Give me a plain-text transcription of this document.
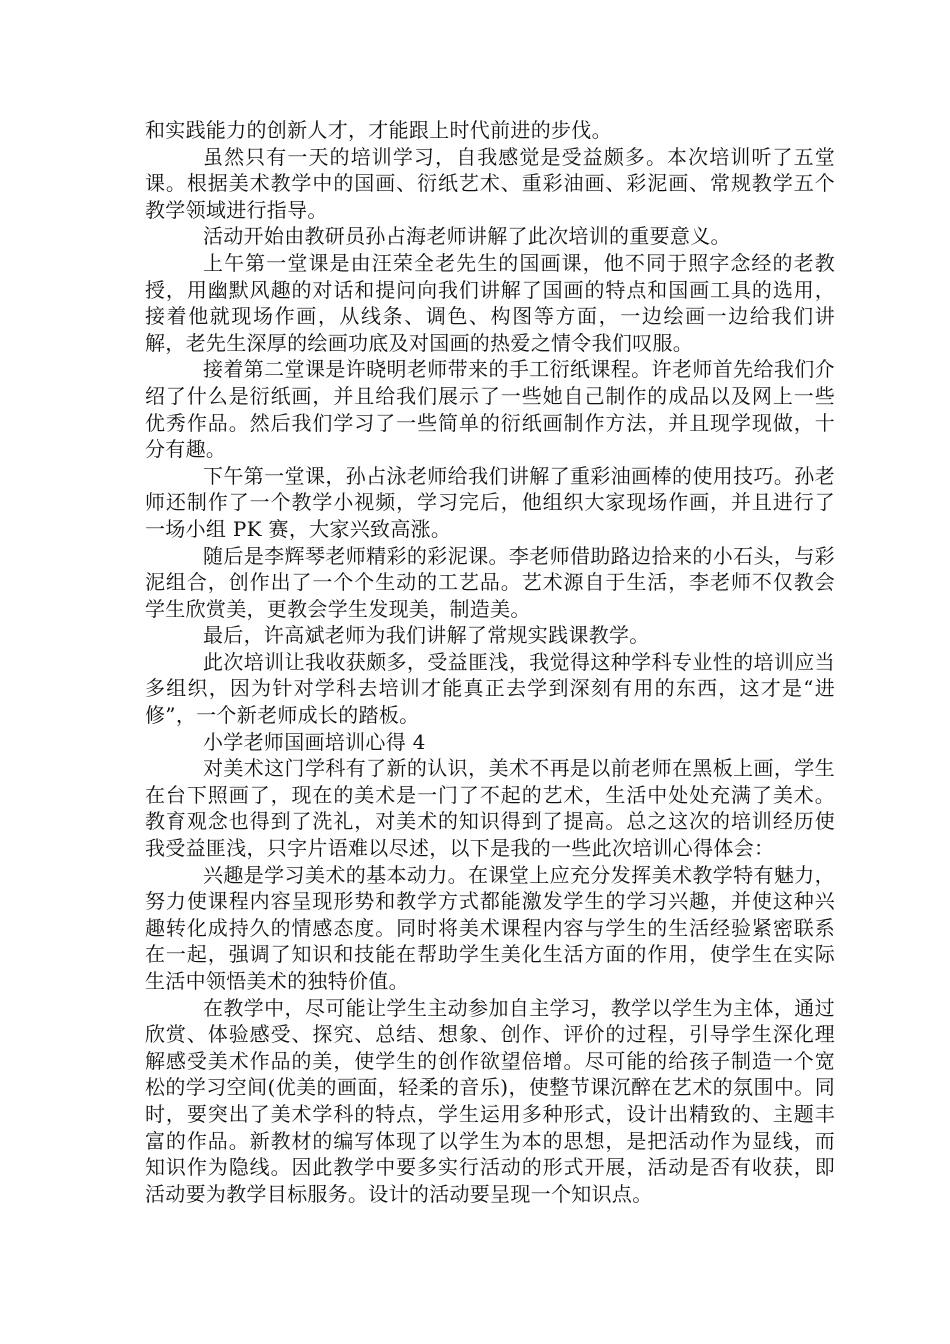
和实践能力的创新人才，才能跟上时代前进的步伐。

虽然只有一天的培训学习，自我感觉是受益颇多。本次培训听了五堂课。根据美术教学中的国画、衍纸艺术、重彩油画、彩泥画、常规教学五个教学领域进行指导。

活动开始由教研员孙占海老师讲解了此次培训的重要意义。

上午第一堂课是由汪荣全老先生的国画课，他不同于照字念经的老教授，用幽默风趣的对话和提问向我们讲解了国画的特点和国画工具的选用，接着他就现场作画，从线条、调色、构图等方面，一边绘画一边给我们讲解，老先生深厚的绘画功底及对国画的热爱之情令我们叹服。

接着第二堂课是许晓明老师带来的手工衍纸课程。许老师首先给我们介绍了什么是衍纸画，并且给我们展示了一些她自己制作的成品以及网上一些优秀作品。然后我们学习了一些简单的衍纸画制作方法，并且现学现做，十分有趣。

下午第一堂课，孙占泳老师给我们讲解了重彩油画棒的使用技巧。孙老师还制作了一个教学小视频，学习完后，他组织大家现场作画，并且进行了一场小组 PK 赛，大家兴致高涨。

随后是李辉琴老师精彩的彩泥课。李老师借助路边拾来的小石头，与彩泥组合，创作出了一个个生动的工艺品。艺术源自于生活，李老师不仅教会学生欣赏美，更教会学生发现美，制造美。

最后，许高斌老师为我们讲解了常规实践课教学。

此次培训让我收获颇多，受益匪浅，我觉得这种学科专业性的培训应当多组织，因为针对学科去培训才能真正去学到深刻有用的东西，这才是“进修”，一个新老师成长的踏板。

小学老师国画培训心得 4

对美术这门学科有了新的认识，美术不再是以前老师在黑板上画，学生在台下照画了，现在的美术是一门了不起的艺术，生活中处处充满了美术。教育观念也得到了洗礼，对美术的知识得到了提高。总之这次的培训经历使我受益匪浅，只字片语难以尽述，以下是我的一些此次培训心得体会：

兴趣是学习美术的基本动力。在课堂上应充分发挥美术教学特有魅力，努力使课程内容呈现形势和教学方式都能激发学生的学习兴趣，并使这种兴趣转化成持久的情感态度。同时将美术课程内容与学生的生活经验紧密联系在一起，强调了知识和技能在帮助学生美化生活方面的作用，使学生在实际生活中领悟美术的独特价值。

在教学中，尽可能让学生主动参加自主学习，教学以学生为主体，通过欣赏、体验感受、探究、总结、想象、创作、评价的过程，引导学生深化理解感受美术作品的美，使学生的创作欲望倍增。尽可能的给孩子制造一个宽松的学习空间(优美的画面，轻柔的音乐)，使整节课沉醉在艺术的氛围中。同时，要突出了美术学科的特点，学生运用多种形式，设计出精致的、主题丰富的作品。新教材的编写体现了以学生为本的思想，是把活动作为显线，而知识作为隐线。因此教学中要多实行活动的形式开展，活动是否有收获，即活动要为教学目标服务。设计的活动要呈现一个知识点。
